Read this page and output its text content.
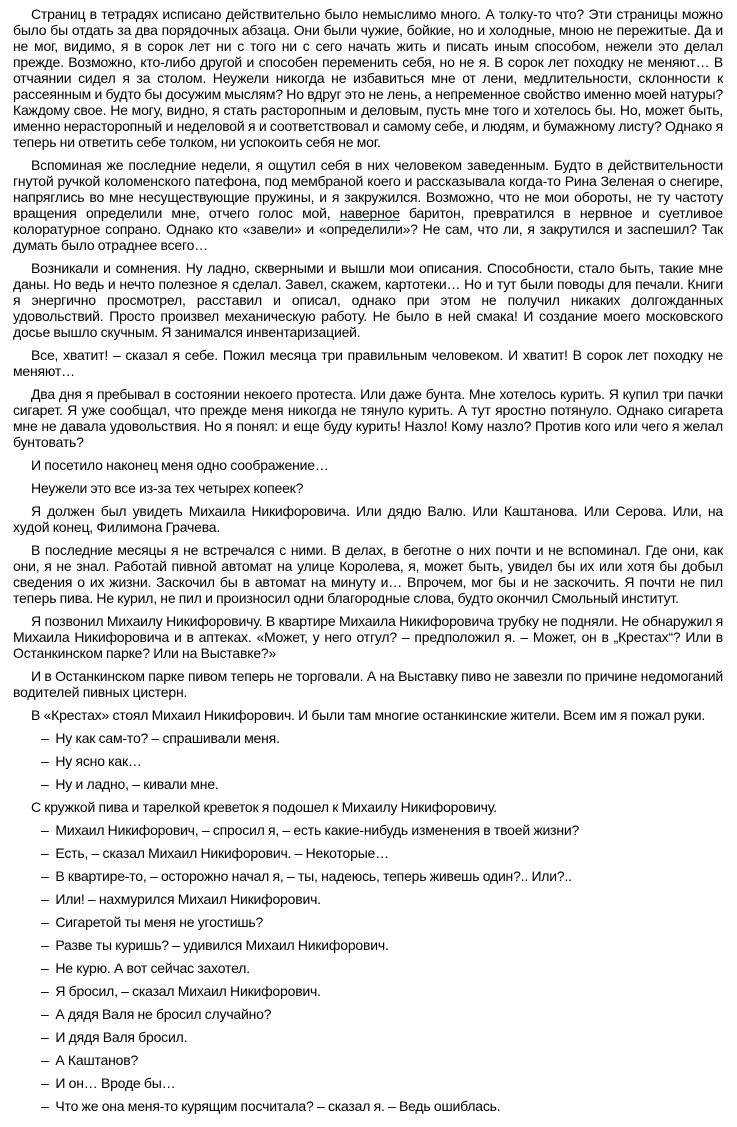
Страниц в тетрадях исписано действительно было немыслимо много. А толку-то что? Эти страницы можно было бы отдать за два порядочных абзаца. Они были чужие, бойкие, но и холодные, мною не пережитые. Да и не мог, видимо, я в сорок лет ни с того ни с сего начать жить и писать иным способом, нежели это делал прежде. Возможно, кто-либо другой и способен переменить себя, но не я. В сорок лет походку не меняют… В отчаянии сидел я за столом. Неужели никогда не избавиться мне от лени, медлительности, склонности к рассеянным и будто бы досужим мыслям? Но вдруг это не лень, а непременное свойство именно моей натуры? Каждому свое. Не могу, видно, я стать расторопным и деловым, пусть мне того и хотелось бы. Но, может быть, именно нерасторопный и неделовой я и соответствовал и самому себе, и людям, и бумажному листу? Однако я теперь ни ответить себе толком, ни успокоить себя не мог.

Вспоминая же последние недели, я ощутил себя в них человеком заведенным. Будто в действительности гнутой ручкой коломенского патефона, под мембраной коего и рассказывала когда-то Рина Зеленая о снегире, напряглись во мне несуществующие пружины, и я закружился. Возможно, что не мои обороты, не ту частоту вращения определили мне, отчего голос мой, наверное баритон, превратился в нервное и суетливое колоратурное сопрано. Однако кто «завели» и «определили»? Не сам, что ли, я закрутился и заспешил? Так думать было отраднее всего…

Возникали и сомнения. Ну ладно, скверными и вышли мои описания. Способности, стало быть, такие мне даны. Но ведь и нечто полезное я сделал. Завел, скажем, картотеки… Но и тут были поводы для печали. Книги я энергично просмотрел, расставил и описал, однако при этом не получил никаких долгожданных удовольствий. Просто произвел механическую работу. Не было в ней смака! И создание моего московского досье вышло скучным. Я занимался инвентаризацией.

Все, хватит! – сказал я себе. Пожил месяца три правильным человеком. И хватит! В сорок лет походку не меняют…

Два дня я пребывал в состоянии некоего протеста. Или даже бунта. Мне хотелось курить. Я купил три пачки сигарет. Я уже сообщал, что прежде меня никогда не тянуло курить. А тут яростно потянуло. Однако сигарета мне не давала удовольствия. Но я понял: и еще буду курить! Назло! Кому назло? Против кого или чего я желал бунтовать?

И посетило наконец меня одно соображение…

Неужели это все из-за тех четырех копеек?

Я должен был увидеть Михаила Никифоровича. Или дядю Валю. Или Каштанова. Или Серова. Или, на худой конец, Филимона Грачева.

В последние месяцы я не встречался с ними. В делах, в беготне о них почти и не вспоминал. Где они, как они, я не знал. Работай пивной автомат на улице Королева, я, может быть, увидел бы их или хотя бы добыл сведения о их жизни. Заскочил бы в автомат на минуту и… Впрочем, мог бы и не заскочить. Я почти не пил теперь пива. Не курил, не пил и произносил одни благородные слова, будто окончил Смольный институт.

Я позвонил Михаилу Никифоровичу. В квартире Михаила Никифоровича трубку не подняли. Не обнаружил я Михаила Никифоровича и в аптеках. «Может, у него отгул? – предположил я. – Может, он в „Крестах“? Или в Останкинском парке? Или на Выставке?»

И в Останкинском парке пивом теперь не торговали. А на Выставку пиво не завезли по причине недомоганий водителей пивных цистерн.

В «Крестах» стоял Михаил Никифорович. И были там многие останкинские жители. Всем им я пожал руки.

– Ну как сам-то? – спрашивали меня.

– Ну ясно как…

– Ну и ладно, – кивали мне.

С кружкой пива и тарелкой креветок я подошел к Михаилу Никифоровичу.

– Михаил Никифорович, – спросил я, – есть какие-нибудь изменения в твоей жизни?

– Есть, – сказал Михаил Никифорович. – Некоторые…

– В квартире-то, – осторожно начал я, – ты, надеюсь, теперь живешь один?.. Или?..

– Или! – нахмурился Михаил Никифорович.

– Сигаретой ты меня не угостишь?

– Разве ты куришь? – удивился Михаил Никифорович.

– Не курю. А вот сейчас захотел.

– Я бросил, – сказал Михаил Никифорович.

– А дядя Валя не бросил случайно?

– И дядя Валя бросил.

– А Каштанов?

– И он… Вроде бы…

– Что же она меня-то курящим посчитала? – сказал я. – Ведь ошиблась.
